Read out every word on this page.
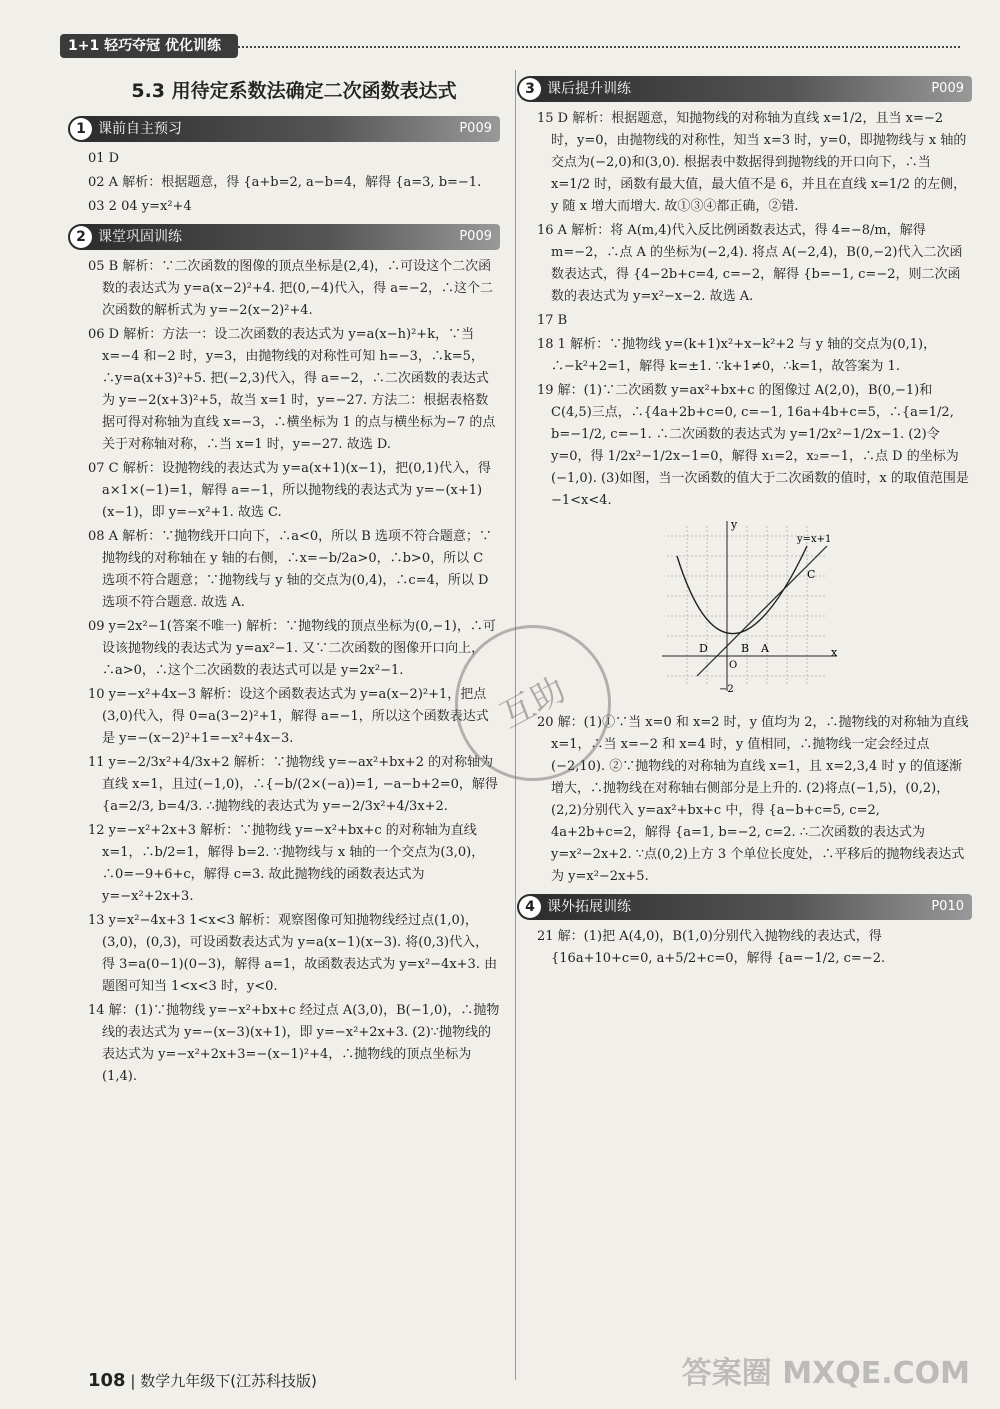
1+1 轻巧夺冠 优化训练
5.3 用待定系数法确定二次函数表达式
1 课前自主预习	P009
01 D
02 A 解析：根据题意，得 {a+b=2, a−b=4，解得 {a=3, b=−1.
03 2 04 y=x²+4
2 课堂巩固训练	P009
05 B 解析：∵二次函数的图像的顶点坐标是(2,4)，∴可设这个二次函数的表达式为 y=a(x−2)²+4. 把(0,−4)代入，得 a=−2，∴这个二次函数的解析式为 y=−2(x−2)²+4.
06 D 解析：方法一：设二次函数的表达式为 y=a(x−h)²+k，∵当 x=−4 和−2 时，y=3，由抛物线的对称性可知 h=−3，∴k=5，∴y=a(x+3)²+5. 把(−2,3)代入，得 a=−2，∴二次函数的表达式为 y=−2(x+3)²+5，故当 x=1 时，y=−27. 方法二：根据表格数据可得对称轴为直线 x=−3，∴横坐标为 1 的点与横坐标为−7 的点关于对称轴对称，∴当 x=1 时，y=−27. 故选 D.
07 C 解析：设抛物线的表达式为 y=a(x+1)(x−1)，把(0,1)代入，得 a×1×(−1)=1，解得 a=−1，所以抛物线的表达式为 y=−(x+1)(x−1)，即 y=−x²+1. 故选 C.
08 A 解析：∵抛物线开口向下，∴a<0，所以 B 选项不符合题意；∵抛物线的对称轴在 y 轴的右侧，∴x=−b/2a>0，∴b>0，所以 C 选项不符合题意；∵抛物线与 y 轴的交点为(0,4)，∴c=4，所以 D 选项不符合题意. 故选 A.
09 y=2x²−1(答案不唯一) 解析：∵抛物线的顶点坐标为(0,−1)，∴可设该抛物线的表达式为 y=ax²−1. 又∵二次函数的图像开口向上，∴a>0，∴这个二次函数的表达式可以是 y=2x²−1.
10 y=−x²+4x−3 解析：设这个函数表达式为 y=a(x−2)²+1，把点(3,0)代入，得 0=a(3−2)²+1，解得 a=−1，所以这个函数表达式是 y=−(x−2)²+1=−x²+4x−3.
11 y=−2/3x²+4/3x+2 解析：∵抛物线 y=−ax²+bx+2 的对称轴为直线 x=1，且过(−1,0)，∴{−b/(2×(−a))=1, −a−b+2=0，解得 {a=2/3, b=4/3. ∴抛物线的表达式为 y=−2/3x²+4/3x+2.
12 y=−x²+2x+3 解析：∵抛物线 y=−x²+bx+c 的对称轴为直线 x=1，∴b/2=1，解得 b=2. ∵抛物线与 x 轴的一个交点为(3,0)，∴0=−9+6+c，解得 c=3. 故此抛物线的函数表达式为 y=−x²+2x+3.
13 y=x²−4x+3 1<x<3 解析：观察图像可知抛物线经过点(1,0)，(3,0)，(0,3)，可设函数表达式为 y=a(x−1)(x−3). 将(0,3)代入，得 3=a(0−1)(0−3)，解得 a=1，故函数表达式为 y=x²−4x+3. 由题图可知当 1<x<3 时，y<0.
14 解：(1)∵抛物线 y=−x²+bx+c 经过点 A(3,0)，B(−1,0)，∴抛物线的表达式为 y=−(x−3)(x+1)，即 y=−x²+2x+3. (2)∵抛物线的表达式为 y=−x²+2x+3=−(x−1)²+4，∴抛物线的顶点坐标为(1,4).
3 课后提升训练	P009
15 D 解析：根据题意，知抛物线的对称轴为直线 x=1/2，且当 x=−2 时，y=0，由抛物线的对称性，知当 x=3 时，y=0，即抛物线与 x 轴的交点为(−2,0)和(3,0). 根据表中数据得到抛物线的开口向下，∴当 x=1/2 时，函数有最大值，最大值不是 6，并且在直线 x=1/2 的左侧，y 随 x 增大而增大. 故①③④都正确，②错.
16 A 解析：将 A(m,4)代入反比例函数表达式，得 4=−8/m，解得 m=−2，∴点 A 的坐标为(−2,4). 将点 A(−2,4)，B(0,−2)代入二次函数表达式，得 {4−2b+c=4, c=−2，解得 {b=−1, c=−2，则二次函数的表达式为 y=x²−x−2. 故选 A.
17 B
18 1 解析：∵抛物线 y=(k+1)x²+x−k²+2 与 y 轴的交点为(0,1)，∴−k²+2=1，解得 k=±1. ∵k+1≠0，∴k=1，故答案为 1.
19 解：(1)∵二次函数 y=ax²+bx+c 的图像过 A(2,0)，B(0,−1)和 C(4,5)三点，∴{4a+2b+c=0, c=−1, 16a+4b+c=5，∴{a=1/2, b=−1/2, c=−1. ∴二次函数的表达式为 y=1/2x²−1/2x−1. (2)令 y=0，得 1/2x²−1/2x−1=0，解得 x₁=2，x₂=−1，∴点 D 的坐标为(−1,0). (3)如图，当一次函数的值大于二次函数的值时，x 的取值范围是−1<x<4.
x
y
y=x+1
C
A
B
D
O
−2
20 解：(1)①∵当 x=0 和 x=2 时，y 值均为 2，∴抛物线的对称轴为直线 x=1，∴当 x=−2 和 x=4 时，y 值相同，∴抛物线一定会经过点(−2,10). ②∵抛物线的对称轴为直线 x=1，且 x=2,3,4 时 y 的值逐渐增大，∴抛物线在对称轴右侧部分是上升的. (2)将点(−1,5)，(0,2)，(2,2)分别代入 y=ax²+bx+c 中，得 {a−b+c=5, c=2, 4a+2b+c=2，解得 {a=1, b=−2, c=2. ∴二次函数的表达式为 y=x²−2x+2. ∵点(0,2)上方 3 个单位长度处，∴平移后的抛物线表达式为 y=x²−2x+5.
4 课外拓展训练	P010
21 解：(1)把 A(4,0)，B(1,0)分别代入抛物线的表达式，得 {16a+10+c=0, a+5/2+c=0，解得 {a=−1/2, c=−2.
互助
108 | 数学九年级下(江苏科技版)	答案圈 MXQE.COM
